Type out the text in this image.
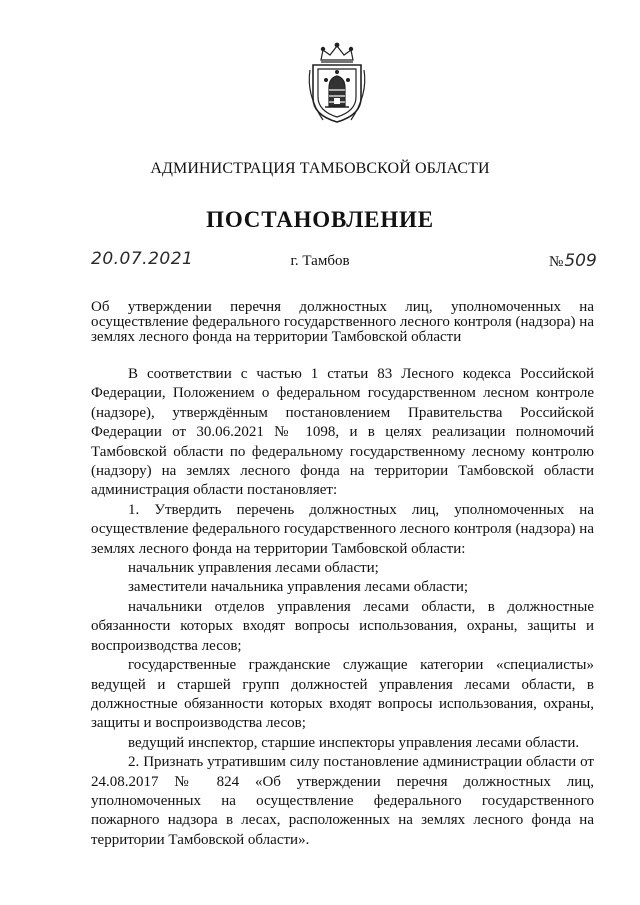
АДМИНИСТРАЦИЯ ТАМБОВСКОЙ ОБЛАСТИ
ПОСТАНОВЛЕНИЕ
20.07.2021	г. Тамбов	№509
Об утверждении перечня должностных лиц, уполномоченных на осуществление федерального государственного лесного контроля (надзора) на землях лесного фонда на территории Тамбовской области

В соответствии с частью 1 статьи 83 Лесного кодекса Российской Федерации, Положением о федеральном государственном лесном контроле (надзоре), утверждённым постановлением Правительства Российской Федерации от 30.06.2021 № 1098, и в целях реализации полномочий Тамбовской области по федеральному государственному лесному контролю (надзору) на землях лесного фонда на территории Тамбовской области администрация области постановляет:

1. Утвердить перечень должностных лиц, уполномоченных на осуществление федерального государственного лесного контроля (надзора) на землях лесного фонда на территории Тамбовской области:

начальник управления лесами области;

заместители начальника управления лесами области;

начальники отделов управления лесами области, в должностные обязанности которых входят вопросы использования, охраны, защиты и воспроизводства лесов;

государственные гражданские служащие категории «специалисты» ведущей и старшей групп должностей управления лесами области, в должностные обязанности которых входят вопросы использования, охраны, защиты и воспроизводства лесов;

ведущий инспектор, старшие инспекторы управления лесами области.

2. Признать утратившим силу постановление администрации области от 24.08.2017 № 824 «Об утверждении перечня должностных лиц, уполномоченных на осуществление федерального государственного пожарного надзора в лесах, расположенных на землях лесного фонда на территории Тамбовской области».
